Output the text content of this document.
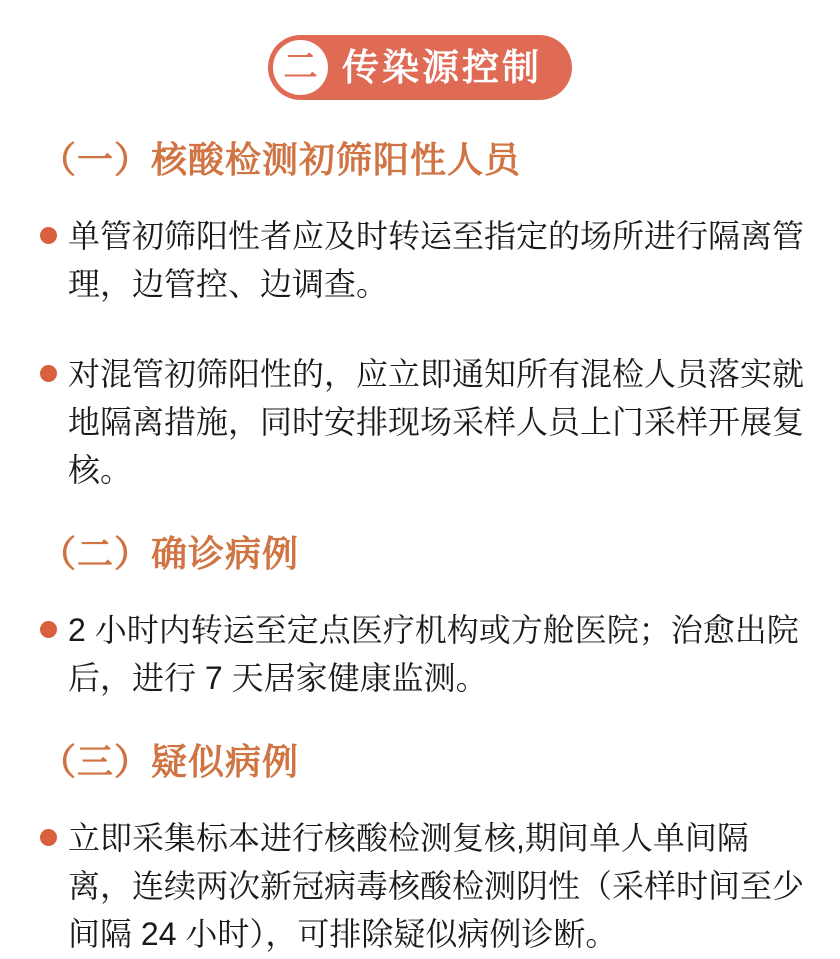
二 传染源控制
（一）核酸检测初筛阳性人员
单管初筛阳性者应及时转运至指定的场所进行隔离管理，边管控、边调查。
对混管初筛阳性的，应立即通知所有混检人员落实就地隔离措施，同时安排现场采样人员上门采样开展复核。
（二）确诊病例
2 小时内转运至定点医疗机构或方舱医院；治愈出院后，进行 7 天居家健康监测。
（三）疑似病例
立即采集标本进行核酸检测复核,期间单人单间隔离，连续两次新冠病毒核酸检测阴性（采样时间至少间隔 24 小时），可排除疑似病例诊断。
